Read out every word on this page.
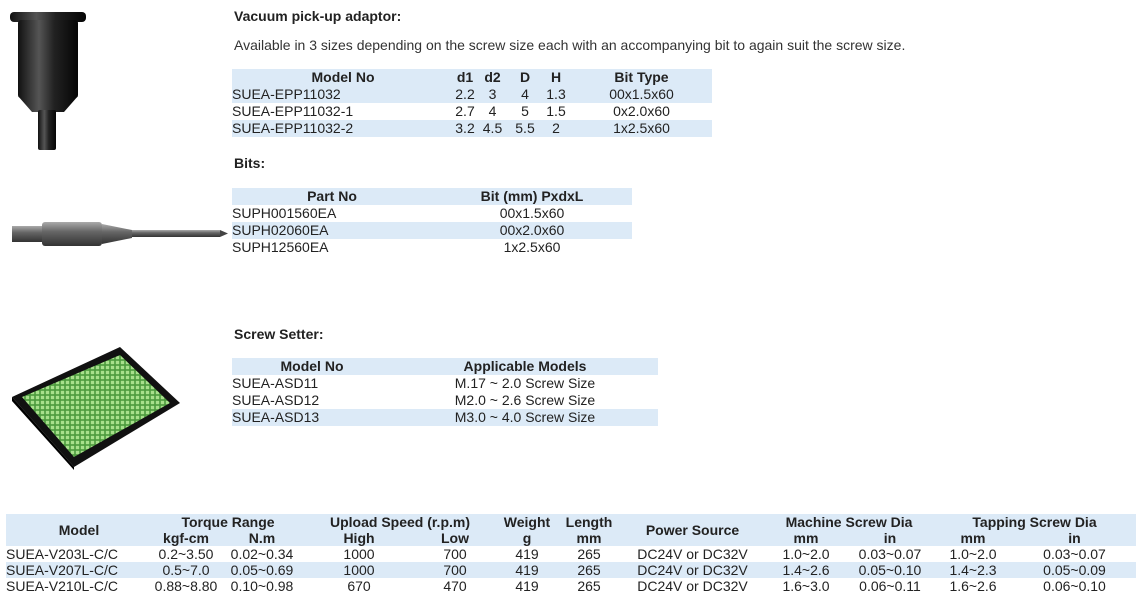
Vacuum pick-up adaptor:
Available in 3 sizes depending on the screw size each with an accompanying bit to again suit the screw size.
Model No	d1	d2	D	H	Bit Type
SUEA-EPP11032	2.2	3	4	1.3	00x1.5x60
SUEA-EPP11032-1	2.7	4	5	1.5	0x2.0x60
SUEA-EPP11032-2	3.2	4.5	5.5	2	1x2.5x60
Bits:
Part No	Bit (mm) PxdxL
SUPH001560EA	00x1.5x60
SUPH02060EA	00x2.0x60
SUPH12560EA	1x2.5x60
Screw Setter:
Model No	Applicable Models
SUEA-ASD11	M.17 ~ 2.0 Screw Size
SUEA-ASD12	M2.0 ~ 2.6 Screw Size
SUEA-ASD13	M3.0 ~ 4.0 Screw Size
Model	Torque Range		Upload Speed (r.p.m)		Weight	Length	Power Source	Machine Screw Dia		Tapping Screw Dia	
	kgf-cm	N.m	High	Low	g	mm		mm	in	mm	in
SUEA-V203L-C/C	0.2~3.50	0.02~0.34	1000	700	419	265	DC24V or DC32V	1.0~2.0	0.03~0.07	1.0~2.0	0.03~0.07
SUEA-V207L-C/C	0.5~7.0	0.05~0.69	1000	700	419	265	DC24V or DC32V	1.4~2.6	0.05~0.10	1.4~2.3	0.05~0.09
SUEA-V210L-C/C	0.88~8.80	0.10~0.98	670	470	419	265	DC24V or DC32V	1.6~3.0	0.06~0.11	1.6~2.6	0.06~0.10
